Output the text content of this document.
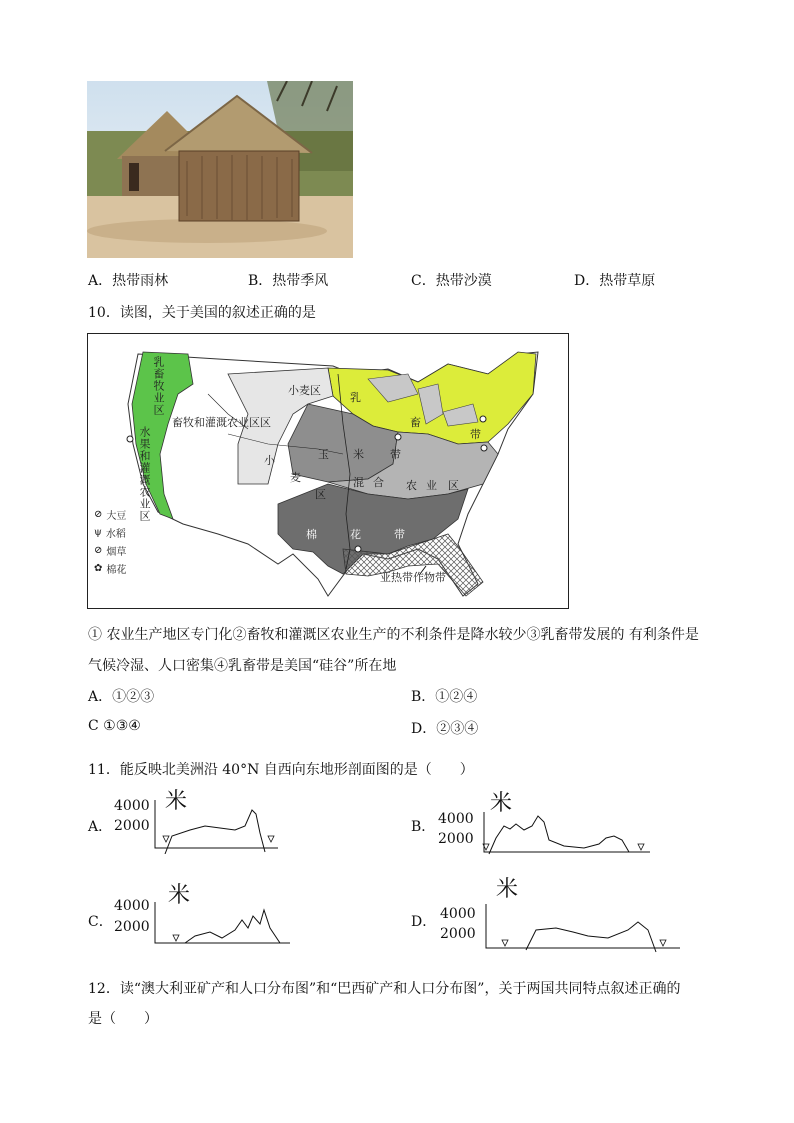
A．热带雨林	B．热带季风	C．热带沙漠	D．热带草原
10．读图，关于美国的叙述正确的是
小麦区
畜牧和灌溉农业区区
乳
畜
带
玉 米 带
小
麦
区
混 合 农 业 区
棉	花	带
亚热带作物带
乳畜牧业区
水果和灌溉农业区
⊘ 大豆
ψ 水稻
⊘ 烟草
✿ 棉花
① 农业生产地区专门化②畜牧和灌溉区农业生产的不利条件是降水较少③乳畜带发展的 有利条件是
气候冷湿、人口密集④乳畜带是美国“硅谷”所在地
A．①②③	B．①②④
C ①③④	D．②③④
11．能反映北美洲沿 40°N 自西向东地形剖面图的是（　　）
A．
4000
2000
米
B． 4000
2000
米
C．
4000
2000
米
D． 4000
2000
米
12．读“澳大利亚矿产和人口分布图”和“巴西矿产和人口分布图”，关于两国共同特点叙述正确的
是（　　）
